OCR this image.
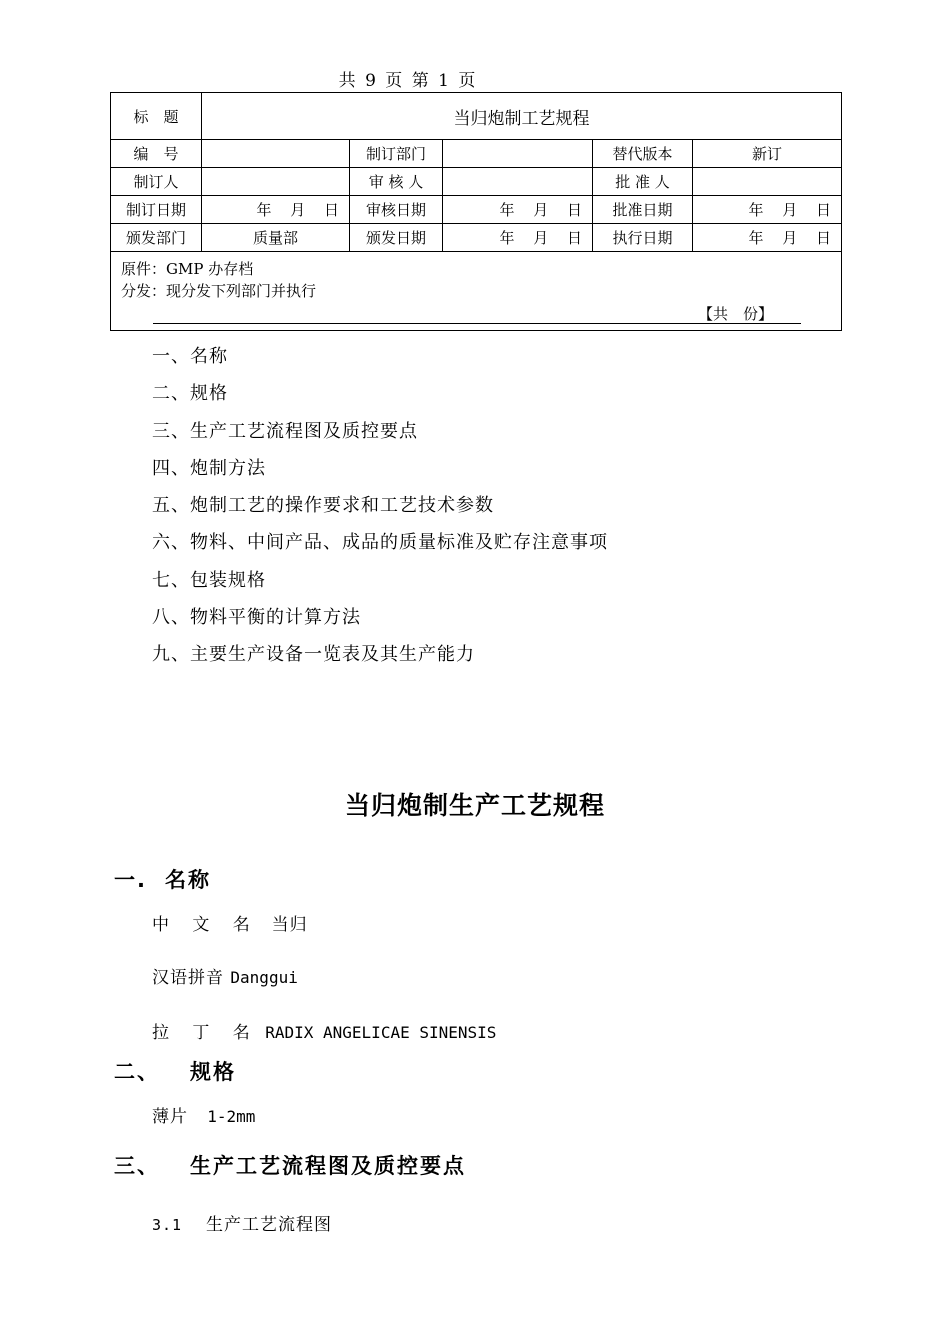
共 9 页 第 1 页
标　题	当归炮制工艺规程				
编　号		制订部门		替代版本	新订
制订人		审 核 人		批 准 人	
制订日期	年 月 日	审核日期	年 月 日	批准日期	年 月 日
颁发部门	质量部	颁发日期	年 月 日	执行日期	年 月 日

原件：GMP 办存档
分发：现分发下列部门并执行
【共　份】					
一、名称
二、规格
三、生产工艺流程图及质控要点
四、炮制方法
五、炮制工艺的操作要求和工艺技术参数
六、物料、中间产品、成品的质量标准及贮存注意事项
七、包装规格
八、物料平衡的计算方法
九、主要生产设备一览表及其生产能力
当归炮制生产工艺规程
一. 名称
中 文 名 当归
汉语拼音 Danggui
拉 丁 名 RADIX ANGELICAE SINENSIS
二、 规格
薄片 1-2mm
三、 生产工艺流程图及质控要点
3.1 生产工艺流程图
